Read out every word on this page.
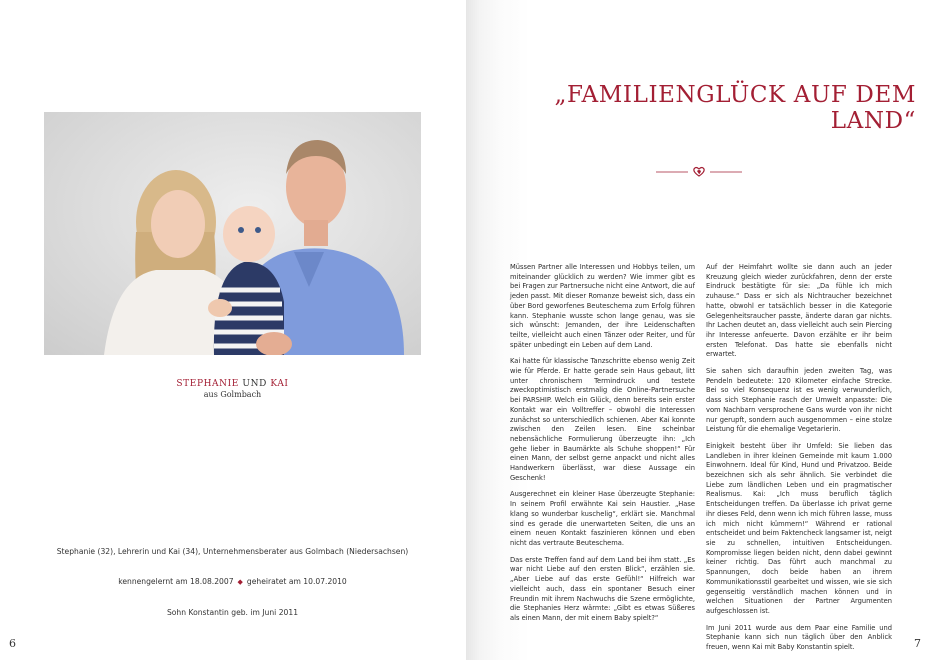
STEPHANIE UND KAI
aus Golmbach
Stephanie (32), Lehrerin und Kai (34), Unternehmensberater aus Golmbach (Niedersachsen)
kennengelernt am 18.08.2007 ◆ geheiratet am 10.07.2010
Sohn Konstantin geb. im Juni 2011
6
„FAMILIENGLÜCK AUF DEM LAND“

Müssen Partner alle Interessen und Hobbys teilen, um miteinander glücklich zu werden? Wie immer gibt es bei Fragen zur Partnersuche nicht eine Antwort, die auf jeden passt. Mit dieser Romanze beweist sich, dass ein über Bord geworfenes Beuteschema zum Erfolg führen kann. Stephanie wusste schon lange genau, was sie sich wünscht: Jemanden, der ihre Leidenschaften teilte, vielleicht auch einen Tänzer oder Reiter, und für später unbedingt ein Leben auf dem Land.

Kai hatte für klassische Tanzschritte ebenso wenig Zeit wie für Pferde. Er hatte gerade sein Haus gebaut, litt unter chronischem Termindruck und testete zweckoptimistisch erstmalig die Online-Partnersuche bei PARSHIP. Welch ein Glück, denn bereits sein erster Kontakt war ein Volltreffer – obwohl die Interessen zunächst so unterschiedlich schienen. Aber Kai konnte zwischen den Zeilen lesen. Eine scheinbar nebensächliche Formulierung überzeugte ihn: „Ich gehe lieber in Baumärkte als Schuhe shoppen!“ Für einen Mann, der selbst gerne anpackt und nicht alles Handwerkern überlässt, war diese Aussage ein Geschenk!

Ausgerechnet ein kleiner Hase überzeugte Stephanie: In seinem Profil erwähnte Kai sein Haustier. „Hase klang so wunderbar kuschelig“, erklärt sie. Manchmal sind es gerade die unerwarteten Seiten, die uns an einem neuen Kontakt faszinieren können und eben nicht das vertraute Beuteschema.

Das erste Treffen fand auf dem Land bei ihm statt. „Es war nicht Liebe auf den ersten Blick“, erzählen sie. „Aber Liebe auf das erste Gefühl!“ Hilfreich war vielleicht auch, dass ein spontaner Besuch einer Freundin mit ihrem Nachwuchs die Szene ermöglichte, die Stephanies Herz wärmte: „Gibt es etwas Süßeres als einen Mann, der mit einem Baby spielt?“

Auf der Heimfahrt wollte sie dann auch an jeder Kreuzung gleich wieder zurückfahren, denn der erste Eindruck bestätigte für sie: „Da fühle ich mich zuhause.“ Dass er sich als Nichtraucher bezeichnet hatte, obwohl er tatsächlich besser in die Kategorie Gelegenheitsraucher passte, änderte daran gar nichts. Ihr Lachen deutet an, dass vielleicht auch sein Piercing ihr Interesse anfeuerte. Davon erzählte er ihr beim ersten Telefonat. Das hatte sie ebenfalls nicht erwartet.

Sie sahen sich daraufhin jeden zweiten Tag, was Pendeln bedeutete: 120 Kilometer einfache Strecke. Bei so viel Konsequenz ist es wenig verwunderlich, dass sich Stephanie rasch der Umwelt anpasste: Die vom Nachbarn versprochene Gans wurde von ihr nicht nur gerupft, sondern auch ausgenommen – eine stolze Leistung für die ehemalige Vegetarierin.

Einigkeit besteht über ihr Umfeld: Sie lieben das Landleben in ihrer kleinen Gemeinde mit kaum 1.000 Einwohnern. Ideal für Kind, Hund und Privatzoo. Beide bezeichnen sich als sehr ähnlich. Sie verbindet die Liebe zum ländlichen Leben und ein pragmatischer Realismus. Kai: „Ich muss beruflich täglich Entscheidungen treffen. Da überlasse ich privat gerne ihr dieses Feld, denn wenn ich mich führen lasse, muss ich mich nicht kümmern!“ Während er rational entscheidet und beim Faktencheck langsamer ist, neigt sie zu schnellen, intuitiven Entscheidungen. Kompromisse liegen beiden nicht, denn dabei gewinnt keiner richtig. Das führt auch manchmal zu Spannungen, doch beide haben an ihrem Kommunikationsstil gearbeitet und wissen, wie sie sich gegenseitig verständlich machen können und in welchen Situationen der Partner Argumenten aufgeschlossen ist.

Im Juni 2011 wurde aus dem Paar eine Familie und Stephanie kann sich nun täglich über den Anblick freuen, wenn Kai mit Baby Konstantin spielt.	7
